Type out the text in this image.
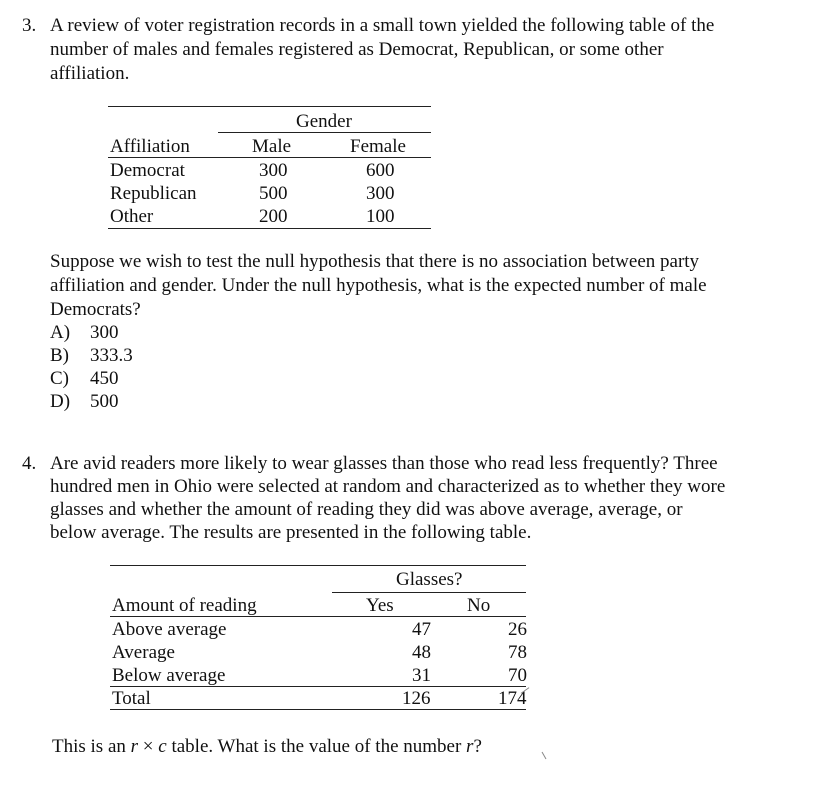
3. A review of voter registration records in a small town yielded the following table of the
number of males and females registered as Democrat, Republican, or some other
affiliation.
Gender
Affiliation	Male	Female
Democrat	300	600
Republican	500	300
Other	200	100
Suppose we wish to test the null hypothesis that there is no association between party
affiliation and gender. Under the null hypothesis, what is the expected number of male
Democrats?
A) 300
B) 333.3
C) 450
D) 500
4. Are avid readers more likely to wear glasses than those who read less frequently? Three
hundred men in Ohio were selected at random and characterized as to whether they wore
glasses and whether the amount of reading they did was above average, average, or
below average. The results are presented in the following table.
Glasses?
Amount of reading	Yes	No
Above average	47	26
Average	48	78
Below average	31	70
Total	126	174
This is an r × c table. What is the value of the number r?
